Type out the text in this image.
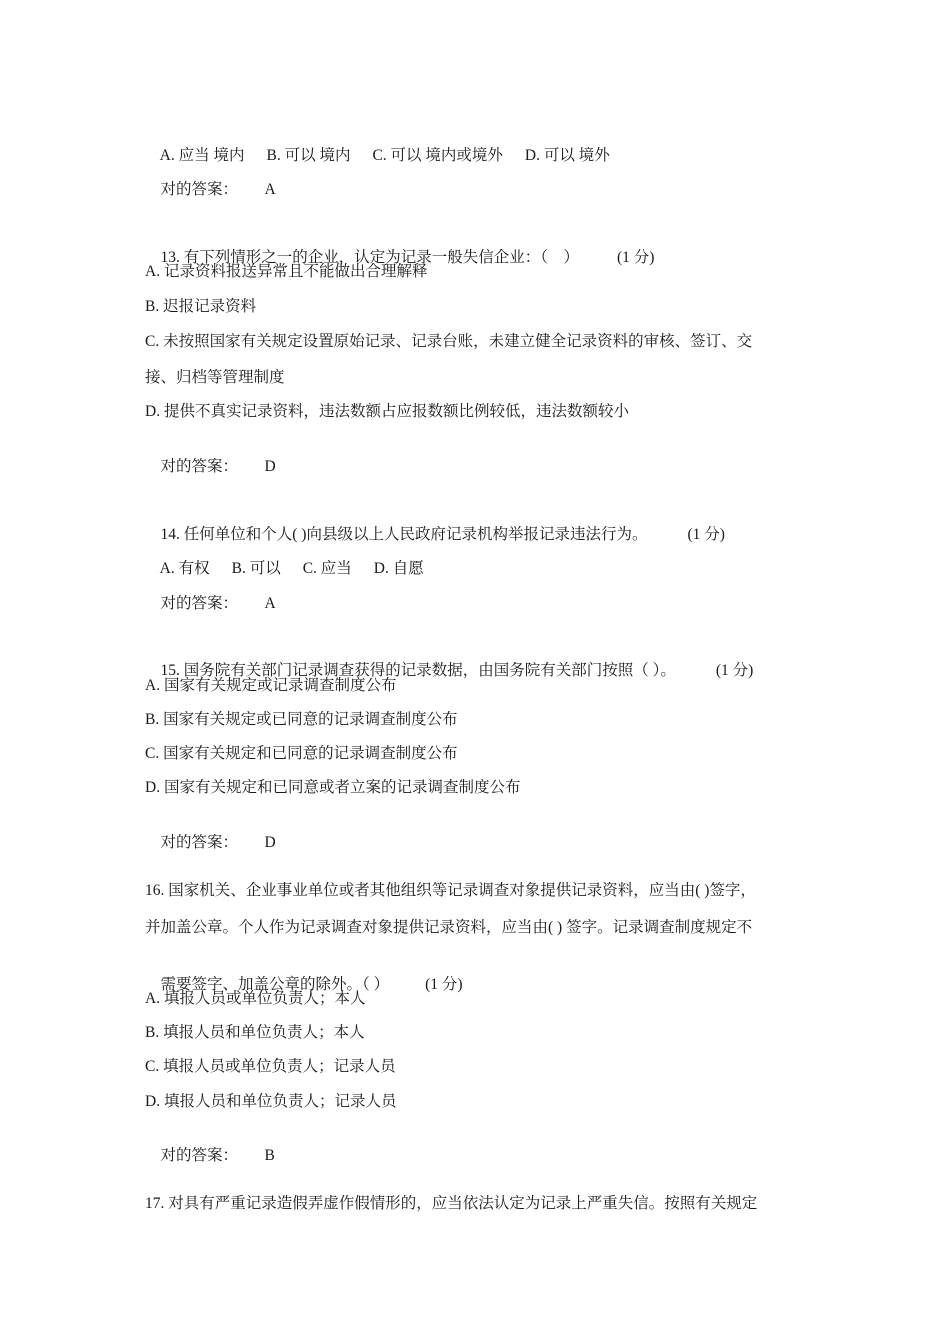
A. 应当 境内 B. 可以 境内 C. 可以 境内或境外 D. 可以 境外

对的答案： A

13. 有下列情形之一的企业，认定为记录一般失信企业：（    ） (1 分)

A. 记录资料报送异常且不能做出合理解释
B. 迟报记录资料
C. 未按照国家有关规定设置原始记录、记录台账，未建立健全记录资料的审核、签订、交
接、归档等管理制度
D. 提供不真实记录资料，违法数额占应报数额比例较低，违法数额较小

对的答案： D

14. 任何单位和个人( )向县级以上人民政府记录机构举报记录违法行为。	(1 分)

A. 有权 B. 可以 C. 应当 D. 自愿

对的答案： A

15. 国务院有关部门记录调查获得的记录数据，由国务院有关部门按照（ ）。	(1 分)

A. 国家有关规定或记录调查制度公布
B. 国家有关规定或已同意的记录调查制度公布
C. 国家有关规定和已同意的记录调查制度公布
D. 国家有关规定和已同意或者立案的记录调查制度公布

对的答案： D

16. 国家机关、企业事业单位或者其他组织等记录调查对象提供记录资料，应当由( )签字，
并加盖公章。个人作为记录调查对象提供记录资料，应当由( ) 签字。记录调查制度规定不

需要签字、加盖公章的除外。（ ） (1 分)

A. 填报人员或单位负责人；本人
B. 填报人员和单位负责人；本人
C. 填报人员或单位负责人；记录人员
D. 填报人员和单位负责人；记录人员

对的答案： B

17. 对具有严重记录造假弄虚作假情形的，应当依法认定为记录上严重失信。按照有关规定
